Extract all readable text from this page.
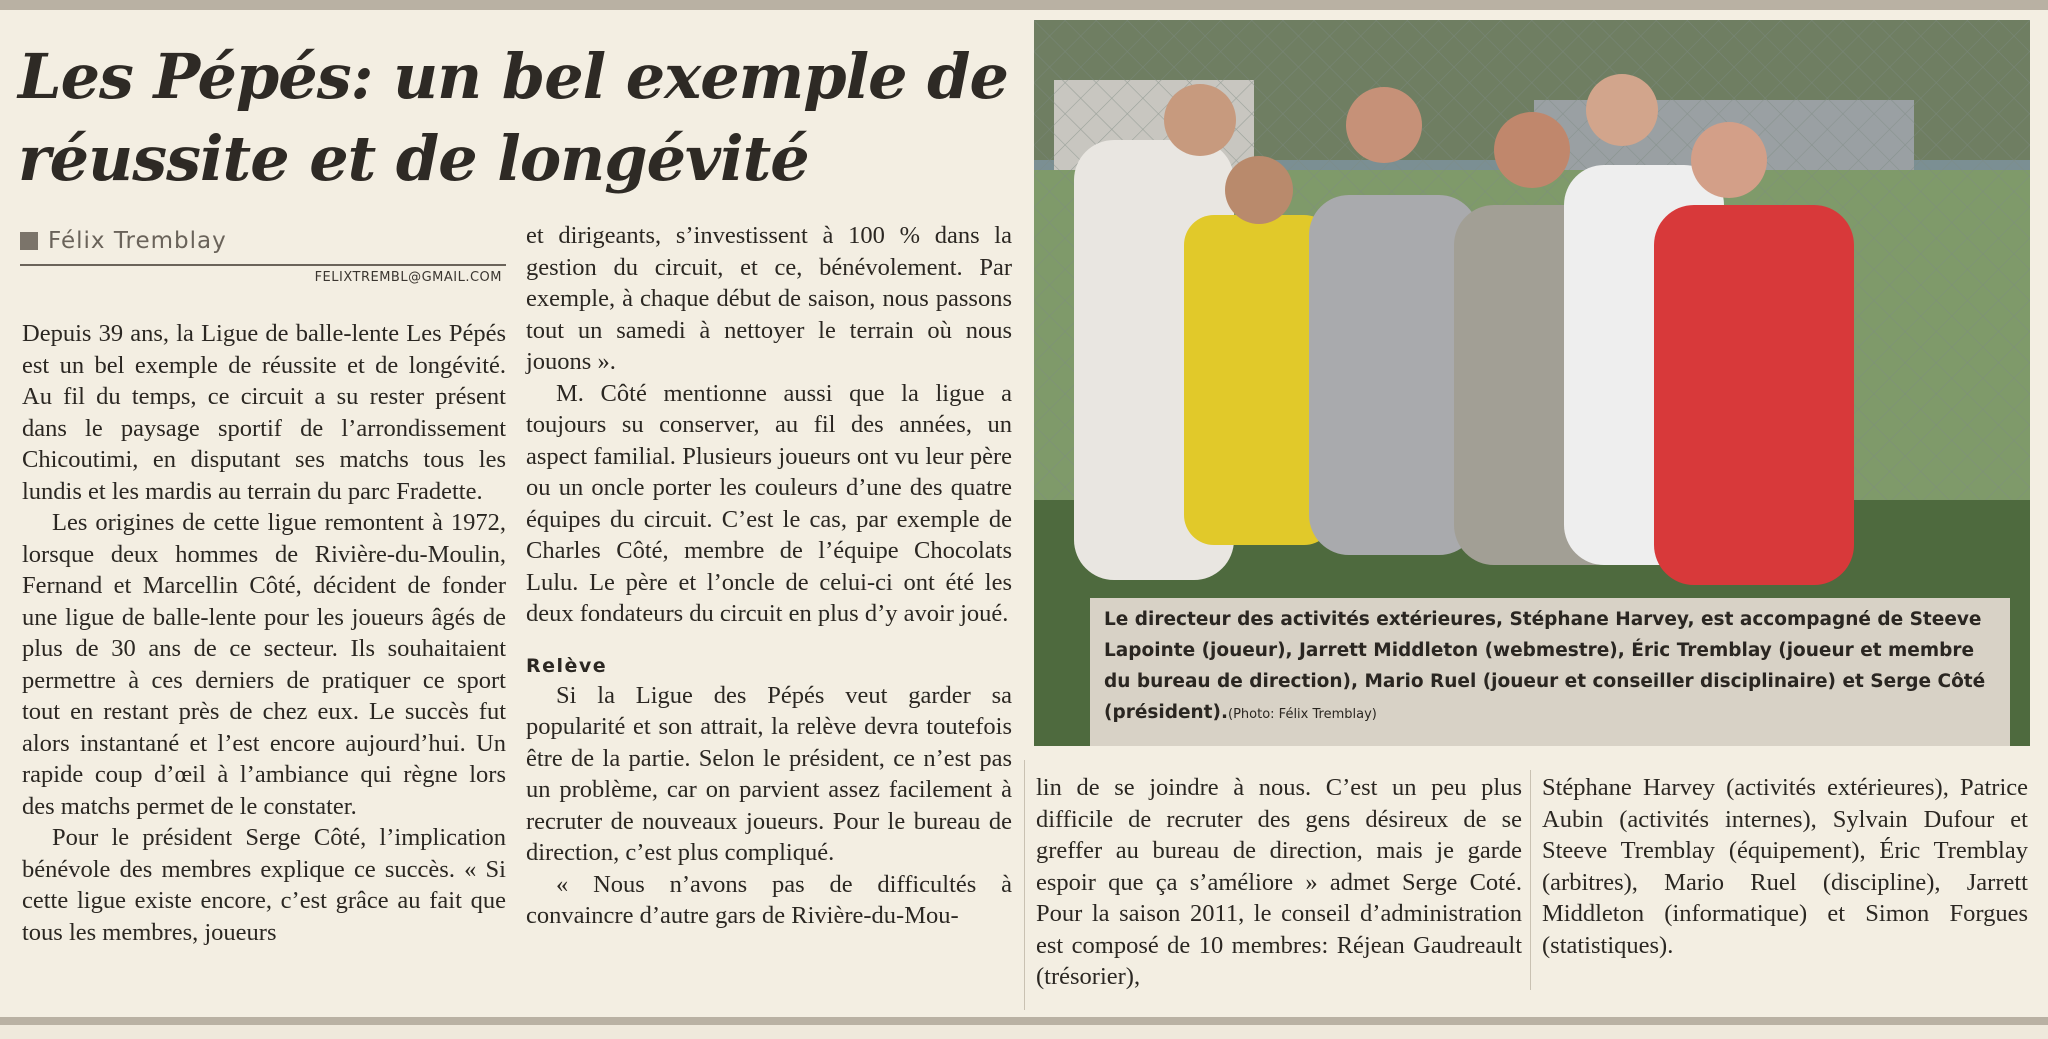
Les Pépés: un bel exemple de
réussite et de longévité
Félix Tremblay
FELIXTREMBL@GMAIL.COM

Depuis 39 ans, la Ligue de balle-lente Les Pépés est un bel exemple de réussite et de longévité. Au fil du temps, ce circuit a su rester présent dans le paysage sportif de l’arrondissement Chicoutimi, en disputant ses matchs tous les lundis et les mardis au terrain du parc Fradette.

Les origines de cette ligue remontent à 1972, lorsque deux hommes de Rivière-du-Moulin, Fernand et Marcellin Côté, décident de fonder une ligue de balle-lente pour les joueurs âgés de plus de 30 ans de ce secteur. Ils souhaitaient permettre à ces derniers de pratiquer ce sport tout en restant près de chez eux. Le succès fut alors instantané et l’est encore aujourd’hui. Un rapide coup d’œil à l’ambiance qui règne lors des matchs permet de le constater.

Pour le président Serge Côté, l’implication bénévole des membres explique ce succès. « Si cette ligue existe encore, c’est grâce au fait que tous les membres, joueurs

et dirigeants, s’investissent à 100 % dans la gestion du circuit, et ce, bénévolement. Par exemple, à chaque début de saison, nous passons tout un samedi à nettoyer le terrain où nous jouons ».

M. Côté mentionne aussi que la ligue a toujours su conserver, au fil des années, un aspect familial. Plusieurs joueurs ont vu leur père ou un oncle porter les couleurs d’une des quatre équipes du circuit. C’est le cas, par exemple de Charles Côté, membre de l’équipe Chocolats Lulu. Le père et l’oncle de celui-ci ont été les deux fondateurs du circuit en plus d’y avoir joué.

Relève

Si la Ligue des Pépés veut garder sa popularité et son attrait, la relève devra toutefois être de la partie. Selon le président, ce n’est pas un problème, car on parvient assez facilement à recruter de nouveaux joueurs. Pour le bureau de direction, c’est plus compliqué.

« Nous n’avons pas de difficultés à convaincre d’autre gars de Rivière-du-Mou-

Le directeur des activités extérieures, Stéphane Harvey, est accompagné de Steeve Lapointe (joueur), Jarrett Middleton (webmestre), Éric Tremblay (joueur et membre du bureau de direction), Mario Ruel (joueur et conseiller disciplinaire) et Serge Côté (président).(Photo: Félix Tremblay)

lin de se joindre à nous. C’est un peu plus difficile de recruter des gens désireux de se greffer au bureau de direction, mais je garde espoir que ça s’améliore » admet Serge Coté. Pour la saison 2011, le conseil d’administration est composé de 10 membres: Réjean Gaudreault (trésorier),

Stéphane Harvey (activités extérieures), Patrice Aubin (activités internes), Sylvain Dufour et Steeve Tremblay (équipement), Éric Tremblay (arbitres), Mario Ruel (discipline), Jarrett Middleton (informatique) et Simon Forgues (statistiques).
